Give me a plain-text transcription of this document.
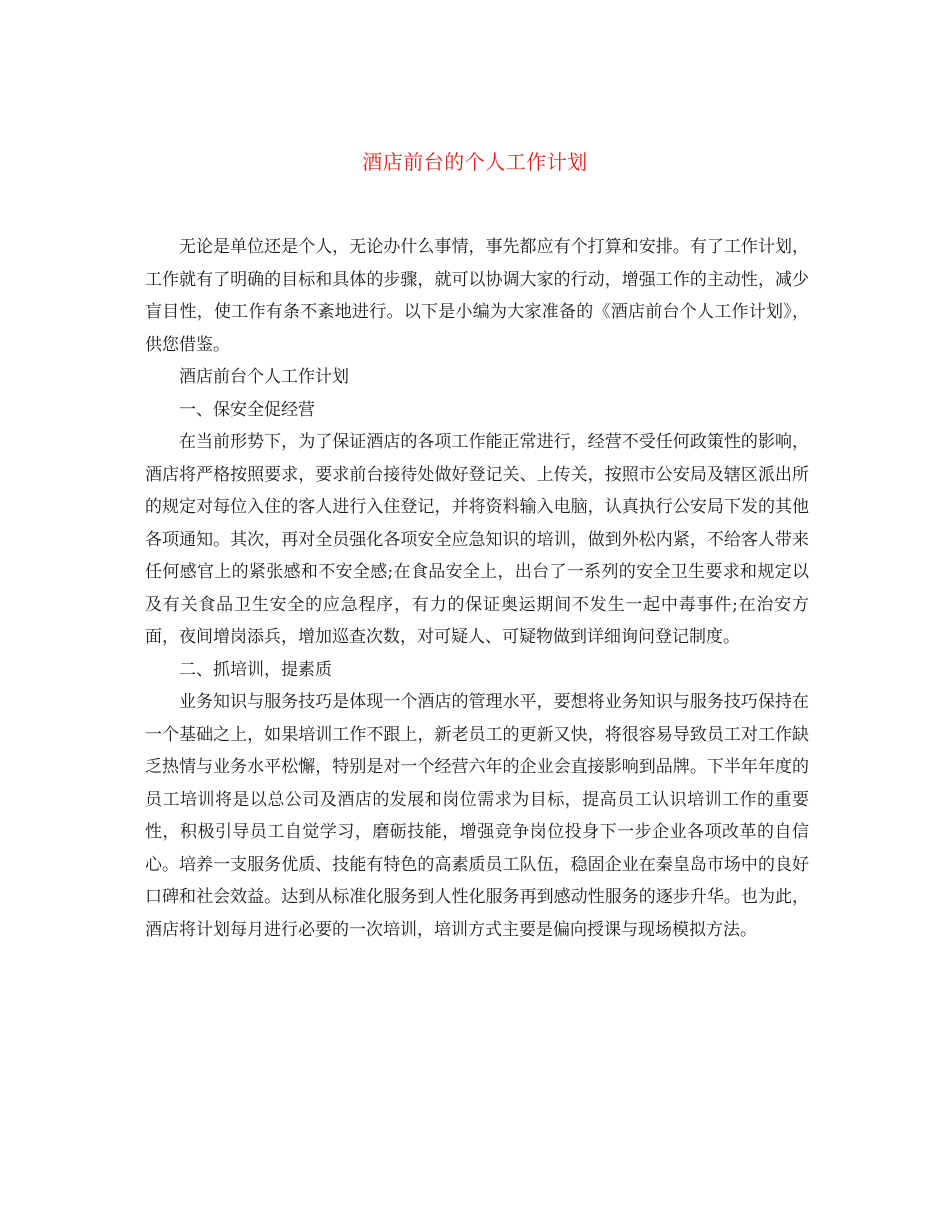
酒店前台的个人工作计划

无论是单位还是个人，无论办什么事情，事先都应有个打算和安排。有了工作计划，工作就有了明确的目标和具体的步骤，就可以协调大家的行动，增强工作的主动性，减少盲目性，使工作有条不紊地进行。以下是小编为大家准备的《酒店前台个人工作计划》，供您借鉴。

酒店前台个人工作计划

一、保安全促经营

在当前形势下，为了保证酒店的各项工作能正常进行，经营不受任何政策性的影响，酒店将严格按照要求，要求前台接待处做好登记关、上传关，按照市公安局及辖区派出所的规定对每位入住的客人进行入住登记，并将资料输入电脑，认真执行公安局下发的其他各项通知。其次，再对全员强化各项安全应急知识的培训，做到外松内紧，不给客人带来任何感官上的紧张感和不安全感;在食品安全上，出台了一系列的安全卫生要求和规定以及有关食品卫生安全的应急程序，有力的保证奥运期间不发生一起中毒事件;在治安方面，夜间增岗添兵，增加巡查次数，对可疑人、可疑物做到详细询问登记制度。

二、抓培训，提素质

业务知识与服务技巧是体现一个酒店的管理水平，要想将业务知识与服务技巧保持在一个基础之上，如果培训工作不跟上，新老员工的更新又快，将很容易导致员工对工作缺乏热情与业务水平松懈，特别是对一个经营六年的企业会直接影响到品牌。下半年年度的员工培训将是以总公司及酒店的发展和岗位需求为目标，提高员工认识培训工作的重要性，积极引导员工自觉学习，磨砺技能，增强竞争岗位投身下一步企业各项改革的自信心。培养一支服务优质、技能有特色的高素质员工队伍，稳固企业在秦皇岛市场中的良好口碑和社会效益。达到从标准化服务到人性化服务再到感动性服务的逐步升华。也为此，酒店将计划每月进行必要的一次培训，培训方式主要是偏向授课与现场模拟方法。
